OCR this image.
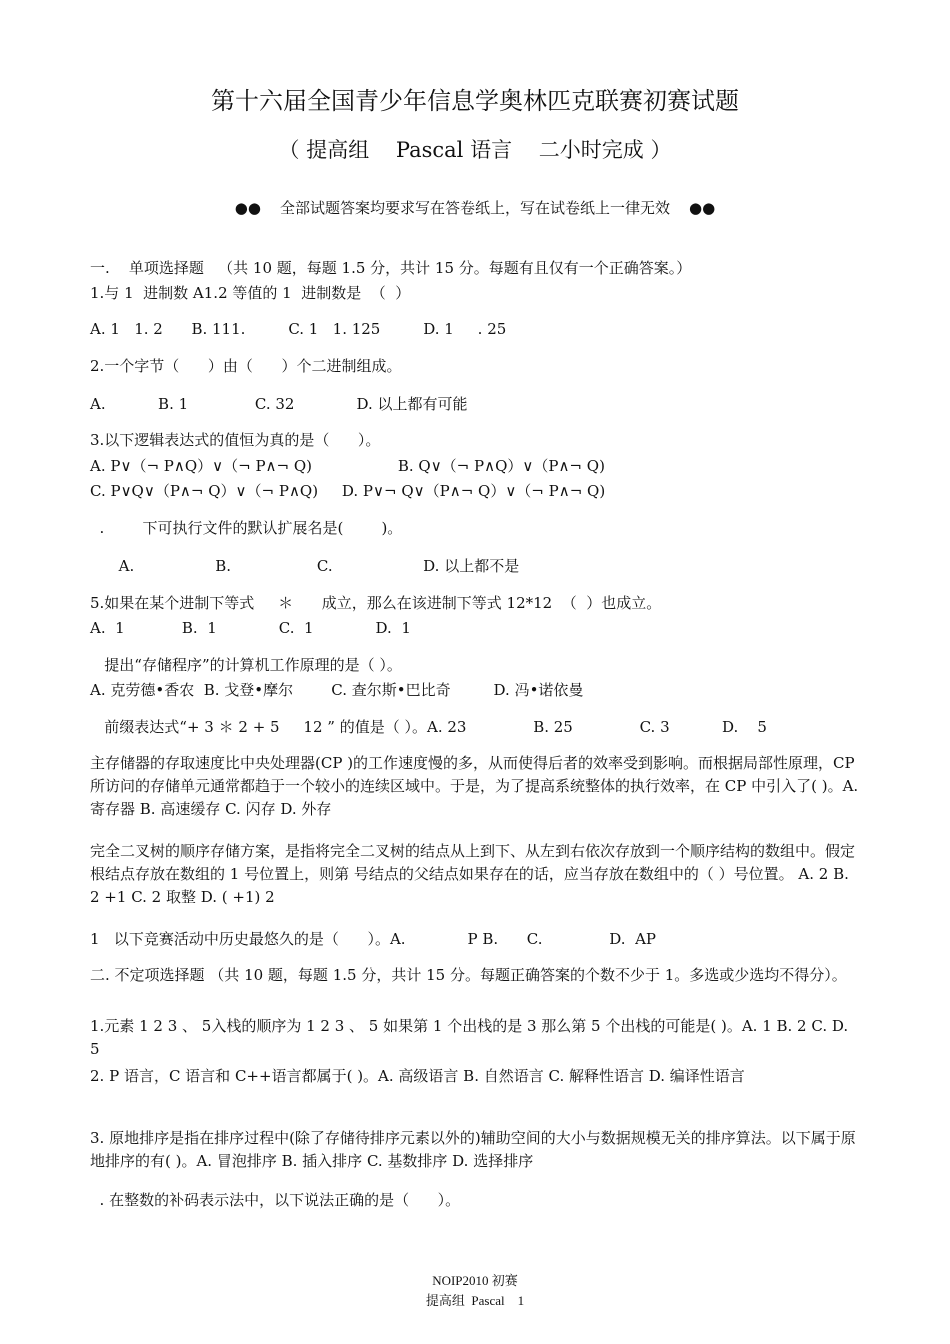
第十六届全国青少年信息学奥林匹克联赛初赛试题
（ 提高组    Pascal 语言    二小时完成 ）
●●    全部试题答案均要求写在答卷纸上，写在试卷纸上一律无效    ●●
一.    单项选择题   （共 10 题，每题 1.5 分，共计 15 分。每题有且仅有一个正确答案。）
1.与 1  进制数 A1.2 等值的 1  进制数是  （  ）
A. 1   1. 2      B. 111.         C. 1   1. 125         D. 1     . 25
2.一个字节（      ）由（      ）个二进制组成。
A.           B. 1              C. 32             D. 以上都有可能
3.以下逻辑表达式的值恒为真的是（      ）。
A. P∨（¬ P∧Q）∨（¬ P∧¬ Q)                  B. Q∨（¬ P∧Q）∨（P∧¬ Q)
C. P∨Q∨（P∧¬ Q）∨（¬ P∧Q)     D. P∨¬ Q∨（P∧¬ Q）∨（¬ P∧¬ Q)
.        下可执行文件的默认扩展名是(        )。
A.                 B.                  C.                   D. 以上都不是
5.如果在某个进制下等式     ＊      成立，那么在该进制下等式 12*12  （  ）也成立。
A.  1            B.  1             C.  1             D.  1
提出“存储程序”的计算机工作原理的是（ ）。
A. 克劳德•香农  B. 戈登•摩尔        C. 查尔斯•巴比奇         D. 冯•诺依曼
前缀表达式“+ 3 ＊ 2 + 5     12 ” 的值是（ ）。A. 23              B. 25              C. 3           D.    5
主存储器的存取速度比中央处理器(CP )的工作速度慢的多，从而使得后者的效率受到影响。而根据局部性原理，CP 所访问的存储单元通常都趋于一个较小的连续区域中。于是，为了提高系统整体的执行效率，在 CP 中引入了( )。A. 寄存器 B. 高速缓存 C. 闪存 D. 外存
完全二叉树的顺序存储方案，是指将完全二叉树的结点从上到下、从左到右依次存放到一个顺序结构的数组中。假定根结点存放在数组的 1 号位置上，则第 号结点的父结点如果存在的话，应当存放在数组中的（ ）号位置。 A. 2 B. 2 +1 C. 2 取整 D. ( +1) 2
1   以下竞赛活动中历史最悠久的是（      ）。A.             P B.      C.              D.  AP
二. 不定项选择题 （共 10 题，每题 1.5 分，共计 15 分。每题正确答案的个数不少于 1。多选或少选均不得分）。
1.元素 1 2 3 、 5入栈的顺序为 1 2 3 、 5 如果第 1 个出栈的是 3 那么第 5 个出栈的可能是( )。A. 1 B. 2 C. D. 5
2. P 语言，C 语言和 C++语言都属于( )。A. 高级语言 B. 自然语言 C. 解释性语言 D. 编译性语言
3. 原地排序是指在排序过程中(除了存储待排序元素以外的)辅助空间的大小与数据规模无关的排序算法。以下属于原地排序的有( )。A. 冒泡排序 B. 插入排序 C. 基数排序 D. 选择排序
. 在整数的补码表示法中，以下说法正确的是（      ）。
NOIP2010 初赛
提高组  Pascal    1
